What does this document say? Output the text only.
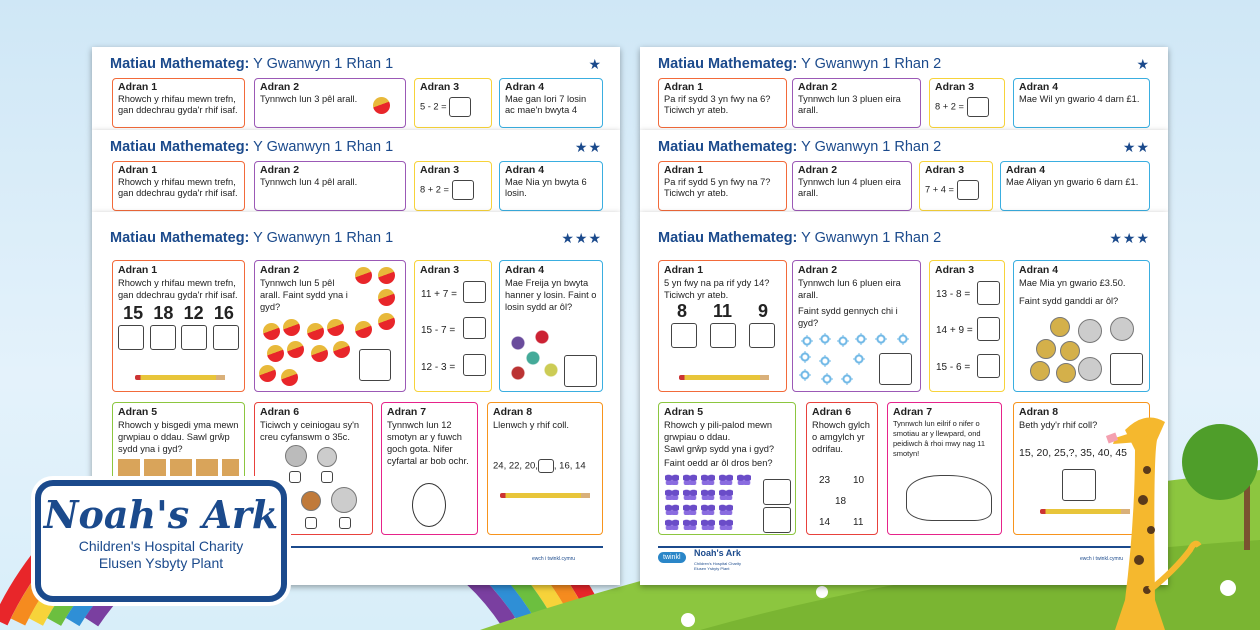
Matiau Mathemateg: Y Gwanwyn 1 Rhan 1	★
Adran 1

Rhowch y rhifau mewn trefn, gan ddechrau gyda'r rhif isaf.

Adran 2

Tynnwch lun 3 pêl arall.

Adran 3

5 - 2 =

Adran 4

Mae gan Iori 7 losin ac mae'n bwyta 4

Matiau Mathemateg: Y Gwanwyn 1 Rhan 1	★★
Adran 1

Rhowch y rhifau mewn trefn, gan ddechrau gyda'r rhif isaf.

Adran 2

Tynnwch lun 4 pêl arall.

Adran 3

8 + 2 =

Adran 4

Mae Nia yn bwyta 6 losin.

Matiau Mathemateg: Y Gwanwyn 1 Rhan 1	★★★
Adran 1

Rhowch y rhifau mewn trefn, gan ddechrau gyda'r rhif isaf.

15 18 12 16
Adran 2

Tynnwch lun 5 pêl arall. Faint sydd yna i gyd?

Adran 3
11 + 7 =
15 - 7 =
12 - 3 =
Adran 4

Mae Freija yn bwyta hanner y losin. Faint o losin sydd ar ôl?

Adran 5

Rhowch y bisgedi yma mewn grwpiau o ddau. Sawl grŵp sydd yna i gyd?

Adran 6

Ticiwch y ceiniogau sy'n creu cyfanswm o 35c.

Adran 7

Tynnwch lun 12 smotyn ar y fuwch goch gota. Nifer cyfartal ar bob ochr.

Adran 8

Llenwch y rhif coll.

24, 22, 20, , 16, 14

ewch i twinkl.cymru
Matiau Mathemateg: Y Gwanwyn 1 Rhan 2	★
Adran 1

Pa rif sydd 3 yn fwy na 6? Ticiwch yr ateb.

Adran 2

Tynnwch lun 3 pluen eira arall.

Adran 3

8 + 2 =

Adran 4

Mae Wil yn gwario 4 darn £1.

Matiau Mathemateg: Y Gwanwyn 1 Rhan 2	★★
Adran 1

Pa rif sydd 5 yn fwy na 7? Ticiwch yr ateb.

Adran 2

Tynnwch lun 4 pluen eira arall.

Adran 3

7 + 4 =

Adran 4

Mae Aliyan yn gwario 6 darn £1.

Matiau Mathemateg: Y Gwanwyn 1 Rhan 2	★★★
Adran 1

5 yn fwy na pa rif ydy 14? Ticiwch yr ateb.

8 11 9
Adran 2

Tynnwch lun 6 pluen eira arall.

Faint sydd gennych chi i gyd?

Adran 3
13 - 8 =
14 + 9 =
15 - 6 =
Adran 4

Mae Mia yn gwario £3.50.

Faint sydd ganddi ar ôl?

Adran 5

Rhowch y pili-palod mewn grwpiau o ddau.

Sawl grŵp sydd yna i gyd?

Faint oedd ar ôl dros ben?

Adran 6

Rhowch gylch o amgylch yr odrifau.

23 10
18
14 11
Adran 7

Tynnwch lun eilrif o nifer o smotiau ar y llewpard, ond peidiwch â rhoi mwy nag 11 smotyn!

Adran 8

Beth ydy'r rhif coll?

15, 20, 25,?, 35, 40, 45

twinkl	Noah's Ark
Children's Hospital Charity Elusen Ysbyty Plant
ewch i twinkl.cymru
Noah's Ark
Children's Hospital Charity
Elusen Ysbyty Plant
